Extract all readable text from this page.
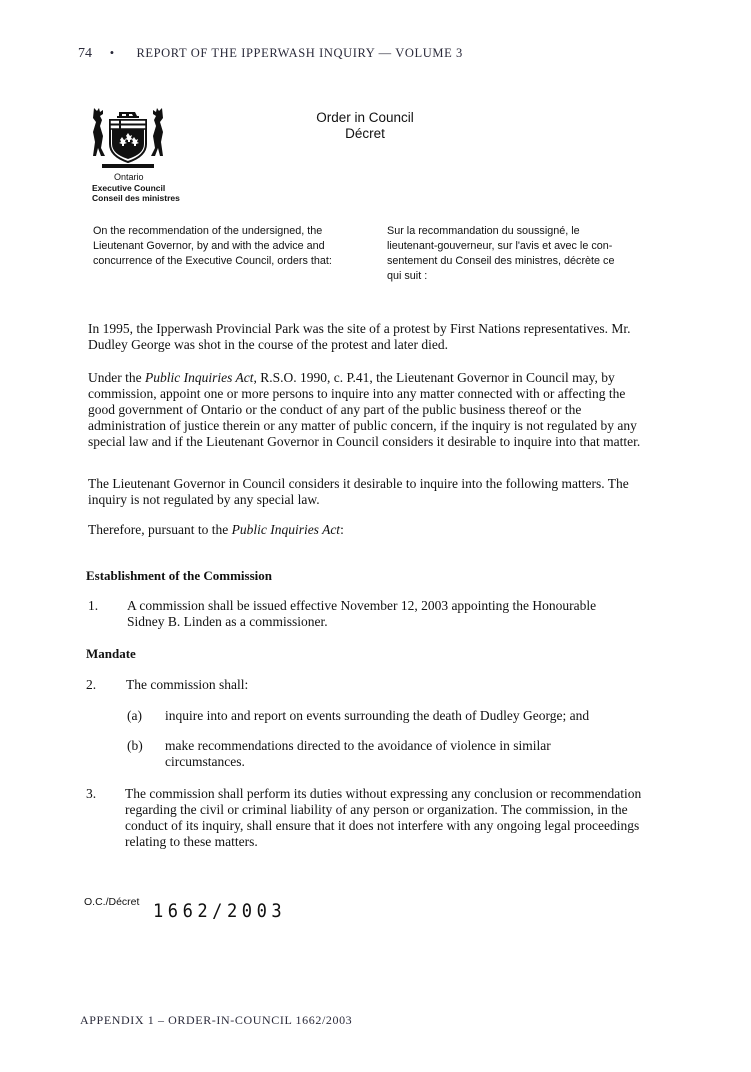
74 • REPORT OF THE IPPERWASH INQUIRY — VOLUME 3
Ontario
Executive Council
Conseil des ministres
Order in Council
Décret
On the recommendation of the undersigned, the Lieutenant Governor, by and with the advice and concurrence of the Executive Council, orders that:
Sur la recommandation du soussigné, le
lieutenant-gouverneur, sur l'avis et avec le con-
sentement du Conseil des ministres, décrète ce
qui suit :
In 1995, the Ipperwash Provincial Park was the site of a protest by First Nations representatives. Mr. Dudley George was shot in the course of the protest and later died.
Under the Public Inquiries Act, R.S.O. 1990, c. P.41, the Lieutenant Governor in Council may, by commission, appoint one or more persons to inquire into any matter connected with or affecting the good government of Ontario or the conduct of any part of the public business thereof or the administration of justice therein or any matter of public concern, if the inquiry is not regulated by any special law and if the Lieutenant Governor in Council considers it desirable to inquire into that matter.
The Lieutenant Governor in Council considers it desirable to inquire into the following matters. The inquiry is not regulated by any special law.
Therefore, pursuant to the Public Inquiries Act:
Establishment of the Commission
1. A commission shall be issued effective November 12, 2003 appointing the Honourable Sidney B. Linden as a commissioner.
Mandate
2. The commission shall:
(a) inquire into and report on events surrounding the death of Dudley George; and
(b) make recommendations directed to the avoidance of violence in similar circumstances.
3. The commission shall perform its duties without expressing any conclusion or recommendation regarding the civil or criminal liability of any person or organization. The commission, in the conduct of its inquiry, shall ensure that it does not interfere with any ongoing legal proceedings relating to these matters.
O.C./Décret 1662/2003
APPENDIX 1 – ORDER-IN-COUNCIL 1662/2003
